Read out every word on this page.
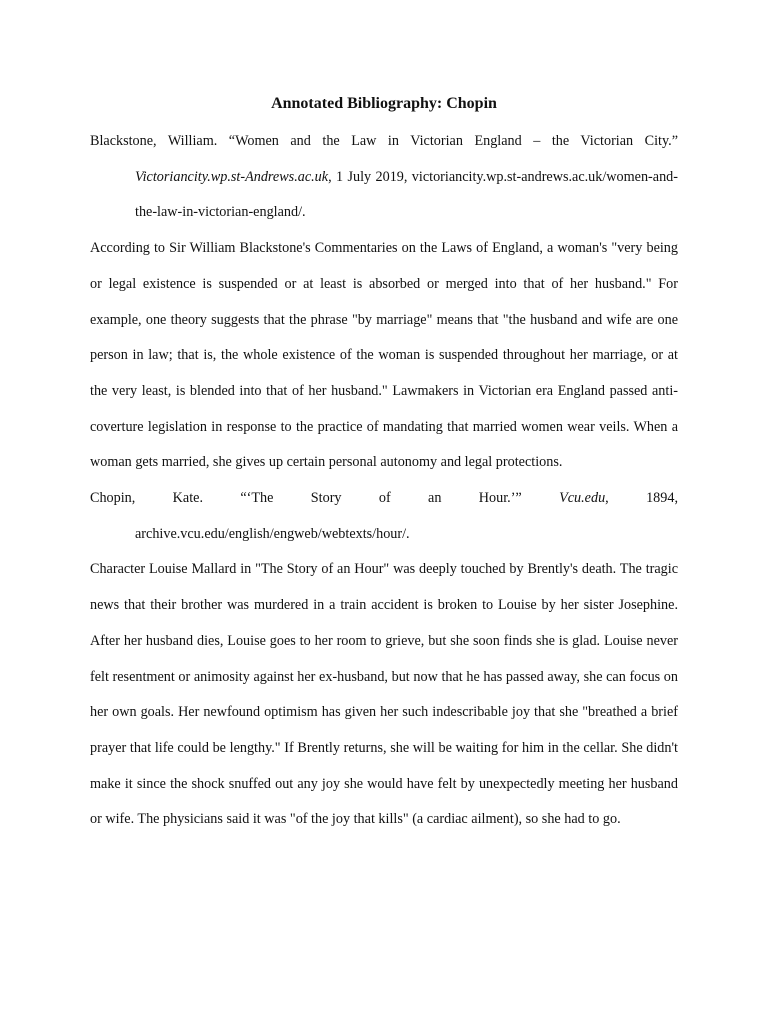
Annotated Bibliography: Chopin

Blackstone, William. “Women and the Law in Victorian England – the Victorian City.” Victoriancity.wp.st-Andrews.ac.uk, 1 July 2019, victoriancity.wp.st-andrews.ac.uk/women-and-the-law-in-victorian-england/.

According to Sir William Blackstone's Commentaries on the Laws of England, a woman's "very being or legal existence is suspended or at least is absorbed or merged into that of her husband." For example, one theory suggests that the phrase "by marriage" means that "the husband and wife are one person in law; that is, the whole existence of the woman is suspended throughout her marriage, or at the very least, is blended into that of her husband." Lawmakers in Victorian era England passed anti-coverture legislation in response to the practice of mandating that married women wear veils. When a woman gets married, she gives up certain personal autonomy and legal protections.

Chopin, Kate. “‘The Story of an Hour.’” Vcu.edu, 1894, archive.vcu.edu/english/engweb/webtexts/hour/.

Character Louise Mallard in "The Story of an Hour" was deeply touched by Brently's death. The tragic news that their brother was murdered in a train accident is broken to Louise by her sister Josephine. After her husband dies, Louise goes to her room to grieve, but she soon finds she is glad. Louise never felt resentment or animosity against her ex-husband, but now that he has passed away, she can focus on her own goals. Her newfound optimism has given her such indescribable joy that she "breathed a brief prayer that life could be lengthy." If Brently returns, she will be waiting for him in the cellar. She didn't make it since the shock snuffed out any joy she would have felt by unexpectedly meeting her husband or wife. The physicians said it was "of the joy that kills" (a cardiac ailment), so she had to go.
